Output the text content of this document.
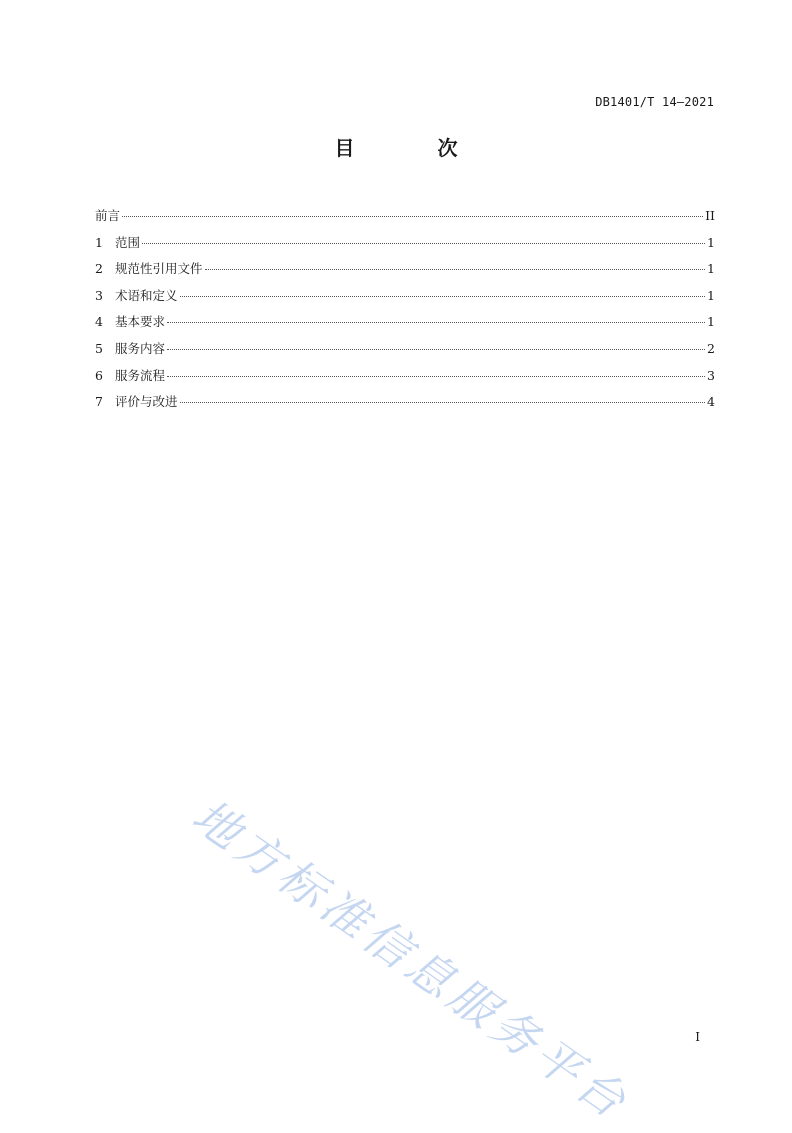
DB1401/T 14—2021
目 次
前言	II
1 范围	1
2 规范性引用文件	1
3 术语和定义	1
4 基本要求	1
5 服务内容	2
6 服务流程	3
7 评价与改进	4
地方标准信息服务平台	I
